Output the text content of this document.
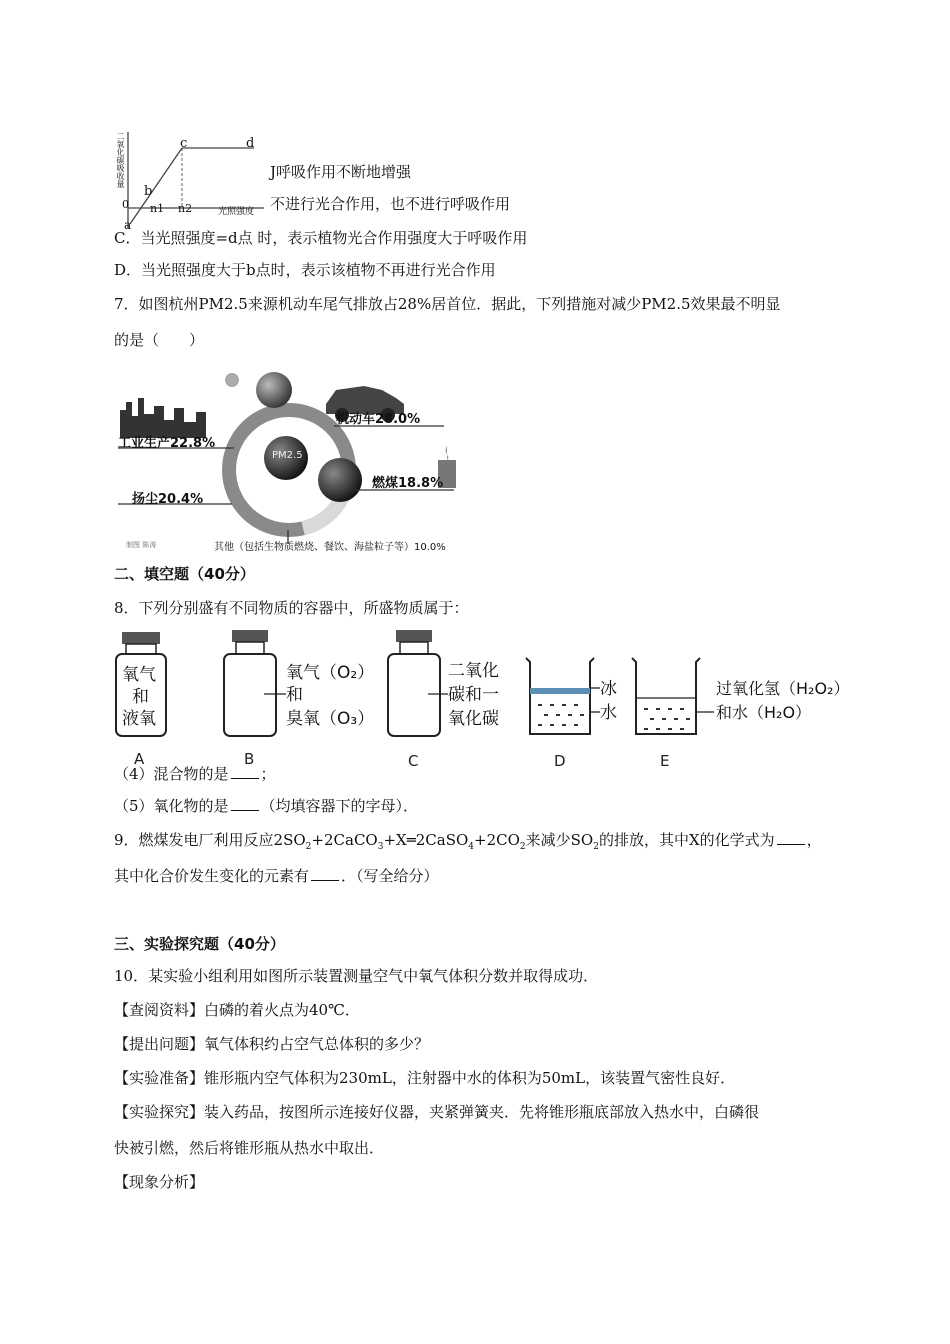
二氧化碳吸收量	c	d
b
0
a
n1 n2	光照强度
J呼吸作用不断地增强
不进行光合作用，也不进行呼吸作用
C．当光照强度=d点 时，表示植物光合作用强度大于呼吸作用
D．当光照强度大于b点时，表示该植物不再进行光合作用
7．如图杭州PM2.5来源机动车尾气排放占28%居首位．据此，下列措施对减少PM2.5效果最不明显
的是（　　）
PM2.5
机动车28.0%
工业生产22.8%
燃煤18.8%
扬尘20.4%
其他（包括生物质燃烧、餐饮、海盐粒子等）10.0%
制图 陈涛
二、填空题（40分）
8．下列分别盛有不同物质的容器中，所盛物质属于：
氧气
和
液氧
A
氧气（O₂）
和
臭氧（O₃）
B
二氧化
碳和一
氧化碳
C
冰
水
D
过氧化氢（H₂O₂）
和水（H₂O）
E
（4）混合物的是 ；
（5）氧化物的是 （均填容器下的字母）．
9．燃煤发电厂利用反应$2SO_2+2CaCO_3+X═2CaSO_4+2CO_2$来减少$SO_2$的排放，其中X的化学式为 ，
其中化合价发生变化的元素有 ．（写全给分）
三、实验探究题（40分）
10．某实验小组利用如图所示装置测量空气中氧气体积分数并取得成功．
【查阅资料】白磷的着火点为40℃．
【提出问题】氧气体积约占空气总体积的多少？
【实验准备】锥形瓶内空气体积为230mL，注射器中水的体积为50mL，该装置气密性良好．
【实验探究】装入药品，按图所示连接好仪器，夹紧弹簧夹．先将锥形瓶底部放入热水中，白磷很
快被引燃，然后将锥形瓶从热水中取出．
【现象分析】
